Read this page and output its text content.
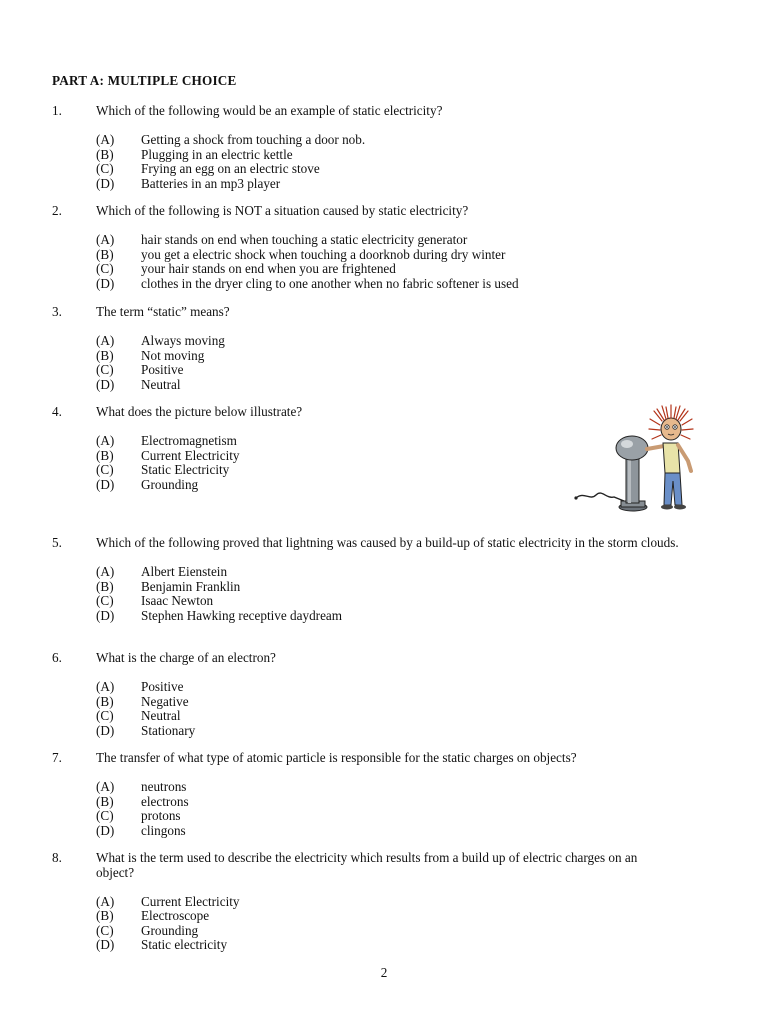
PART A: MULTIPLE CHOICE
1.	Which of the following would be an example of static electricity?
(A)	Getting a shock from touching a door nob.
(B)	Plugging in an electric kettle
(C)	Frying an egg on an electric stove
(D)	Batteries in an mp3 player
2.	Which of the following is NOT a situation caused by static electricity?
(A)	hair stands on end when touching a static electricity generator
(B)	you get a electric shock when touching a doorknob during dry winter
(C)	your hair stands on end when you are frightened
(D)	clothes in the dryer cling to one another when no fabric softener is used
3.	The term “static” means?
(A)	Always moving
(B)	Not moving
(C)	Positive
(D)	Neutral
4.	What does the picture below illustrate?
(A)	Electromagnetism
(B)	Current Electricity
(C)	Static Electricity
(D)	Grounding
5.	Which of the following proved that lightning was caused by a build-up of static electricity in the storm clouds.
(A)	Albert Eienstein
(B)	Benjamin Franklin
(C)	Isaac Newton
(D)	Stephen Hawking receptive daydream
6.	What is the charge of an electron?
(A)	Positive
(B)	Negative
(C)	Neutral
(D)	Stationary
7.	The transfer of what type of atomic particle is responsible for the static charges on objects?
(A)	neutrons
(B)	electrons
(C)	protons
(D)	clingons
8.	What is the term used to describe the electricity which results from a build up of electric charges on an object?
(A)	Current Electricity
(B)	Electroscope
(C)	Grounding
(D)	Static electricity
2
